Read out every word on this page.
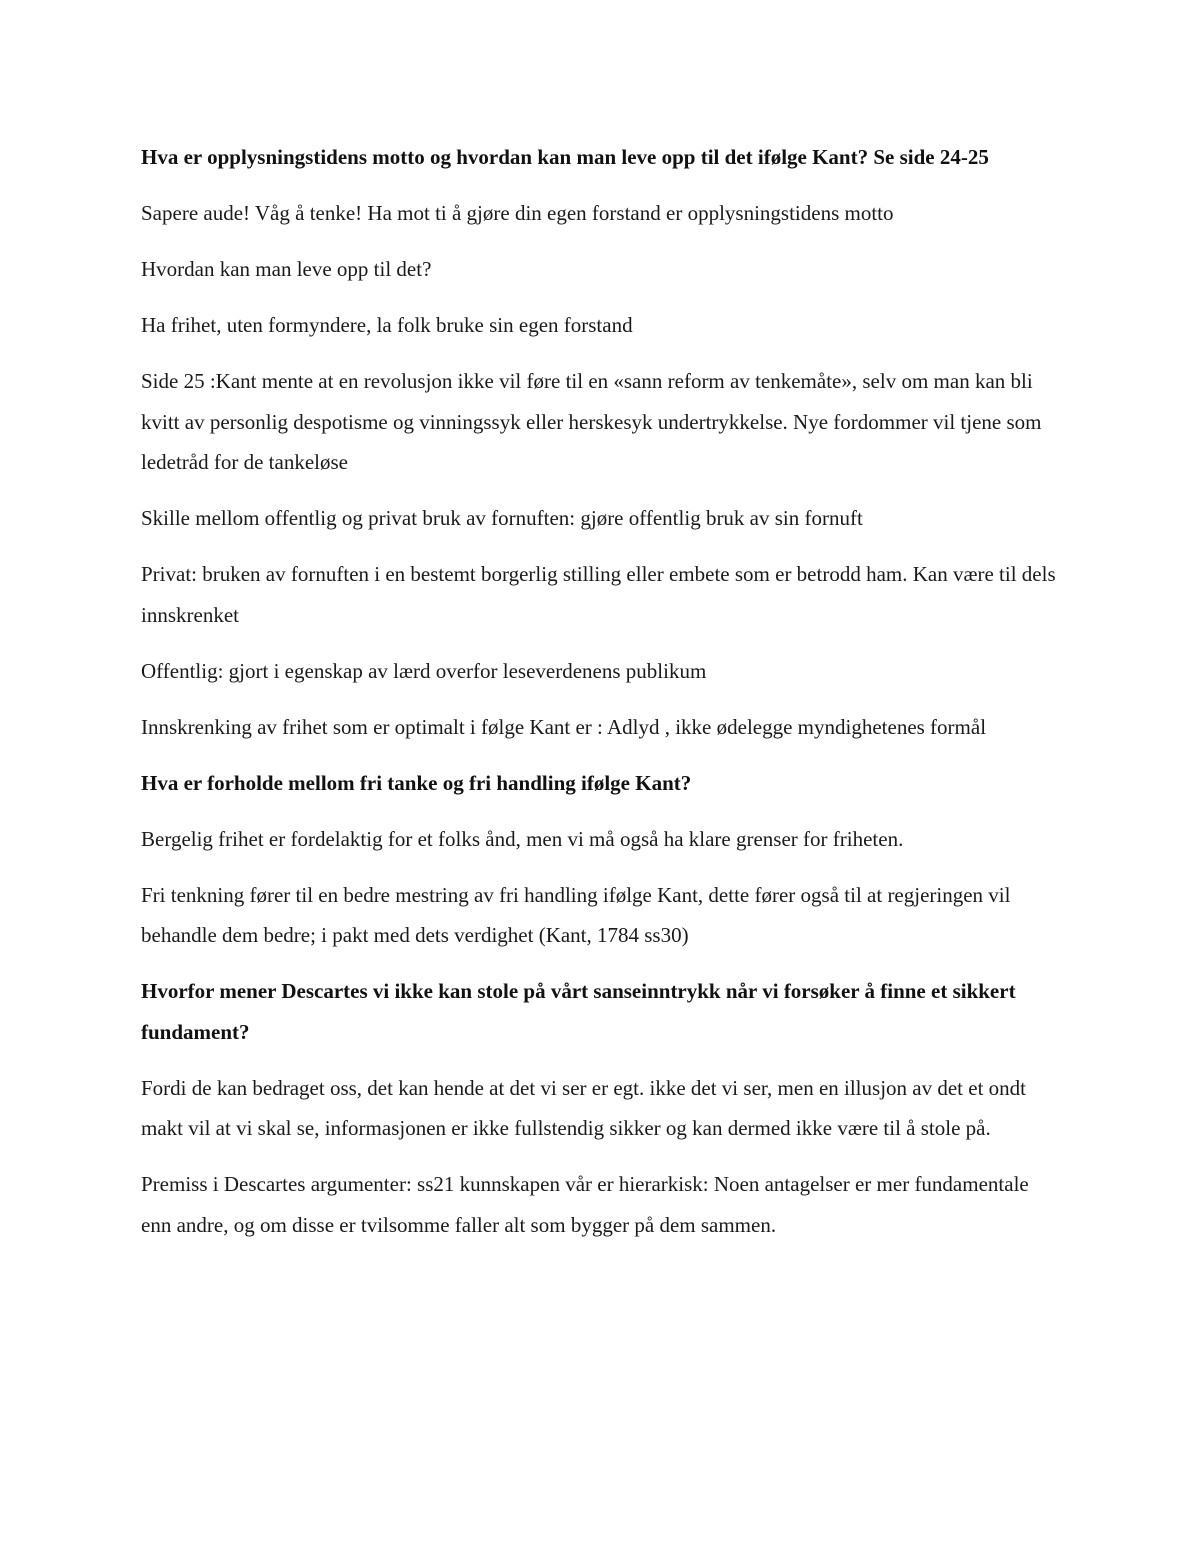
Hva er opplysningstidens motto og hvordan kan man leve opp til det ifølge Kant? Se side 24-25

Sapere aude! Våg å tenke! Ha mot ti å gjøre din egen forstand er opplysningstidens motto

Hvordan kan man leve opp til det?

Ha frihet, uten formyndere, la folk bruke sin egen forstand

Side 25 :Kant mente at en revolusjon ikke vil føre til en «sann reform av tenkemåte», selv om man kan bli kvitt av personlig despotisme og vinningssyk eller herskesyk undertrykkelse. Nye fordommer vil tjene som ledetråd for de tankeløse

Skille mellom offentlig og privat bruk av fornuften: gjøre offentlig bruk av sin fornuft

Privat: bruken av fornuften i en bestemt borgerlig stilling eller embete som er betrodd ham. Kan være til dels innskrenket

Offentlig: gjort i egenskap av lærd overfor leseverdenens publikum

Innskrenking av frihet som er optimalt i følge Kant er : Adlyd , ikke ødelegge myndighetenes formål

Hva er forholde mellom fri tanke og fri handling ifølge Kant?

Bergelig frihet er fordelaktig for et folks ånd, men vi må også ha klare grenser for friheten.

Fri tenkning fører til en bedre mestring av fri handling ifølge Kant, dette fører også til at regjeringen vil behandle dem bedre; i pakt med dets verdighet (Kant, 1784 ss30)

Hvorfor mener Descartes vi ikke kan stole på vårt sanseinntrykk når vi forsøker å finne et sikkert fundament?

Fordi de kan bedraget oss, det kan hende at det vi ser er egt. ikke det vi ser, men en illusjon av det et ondt makt vil at vi skal se, informasjonen er ikke fullstendig sikker og kan dermed ikke være til å stole på.

Premiss i Descartes argumenter: ss21 kunnskapen vår er hierarkisk: Noen antagelser er mer fundamentale enn andre, og om disse er tvilsomme faller alt som bygger på dem sammen.
